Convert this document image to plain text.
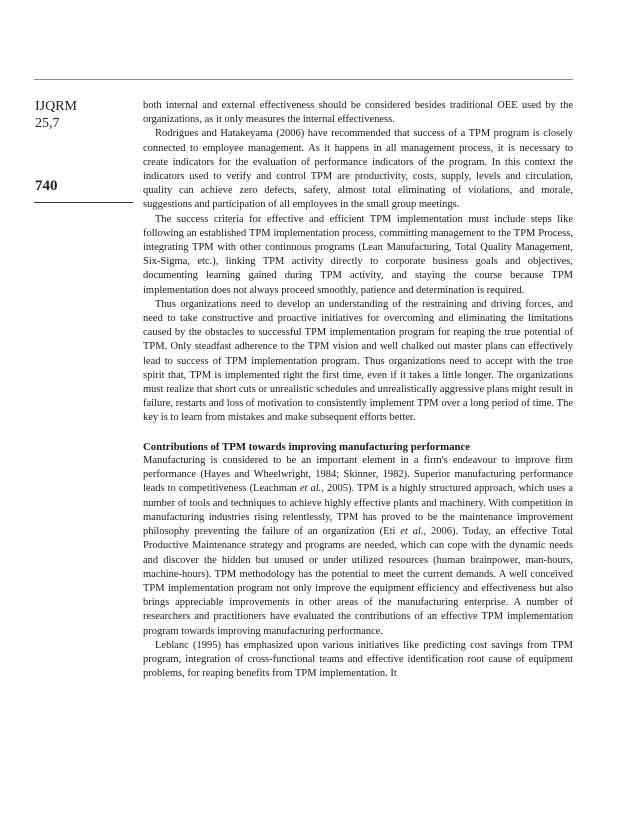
IJQRM
25,7
740

both internal and external effectiveness should be considered besides traditional OEE used by the organizations, as it only measures the internal effectiveness.

Rodrigues and Hatakeyama (2006) have recommended that success of a TPM program is closely connected to employee management. As it happens in all management process, it is necessary to create indicators for the evaluation of performance indicators of the program. In this context the indicators used to verify and control TPM are productivity, costs, supply, levels and circulation, quality can achieve zero defects, safety, almost total eliminating of violations, and morale, suggestions and participation of all employees in the small group meetings.

The success criteria for effective and efficient TPM implementation must include steps like following an established TPM implementation process, committing management to the TPM Process, integrating TPM with other continuous programs (Lean Manufacturing, Total Quality Management, Six-Sigma, etc.), linking TPM activity directly to corporate business goals and objectives, documenting learning gained during TPM activity, and staying the course because TPM implementation does not always proceed smoothly, patience and determination is required.

Thus organizations need to develop an understanding of the restraining and driving forces, and need to take constructive and proactive initiatives for overcoming and eliminating the limitations caused by the obstacles to successful TPM implementation program for reaping the true potential of TPM. Only steadfast adherence to the TPM vision and well chalked out master plans can effectively lead to success of TPM implementation program. Thus organizations need to accept with the true spirit that, TPM is implemented right the first time, even if it takes a little longer. The organizations must realize that short cuts or unrealistic schedules and unrealistically aggressive plans might result in failure, restarts and loss of motivation to consistently implement TPM over a long period of time. The key is to learn from mistakes and make subsequent efforts better.

Contributions of TPM towards improving manufacturing performance

Manufacturing is considered to be an important element in a firm's endeavour to improve firm performance (Hayes and Wheelwright, 1984; Skinner, 1982). Superior manufacturing performance leads to competitiveness (Leachman et al., 2005). TPM is a highly structured approach, which uses a number of tools and techniques to achieve highly effective plants and machinery. With competition in manufacturing industries rising relentlessly, TPM has proved to be the maintenance improvement philosophy preventing the failure of an organization (Eti et al., 2006). Today, an effective Total Productive Maintenance strategy and programs are needed, which can cope with the dynamic needs and discover the hidden but unused or under utilized resources (human brainpower, man-hours, machine-hours). TPM methodology has the potential to meet the current demands. A well conceived TPM implementation program not only improve the equipment efficiency and effectiveness but also brings appreciable improvements in other areas of the manufacturing enterprise. A number of researchers and practitioners have evaluated the contributions of an effective TPM implementation program towards improving manufacturing performance.

Leblanc (1995) has emphasized upon various initiatives like predicting cost savings from TPM program, integration of cross-functional teams and effective identification root cause of equipment problems, for reaping benefits from TPM implementation. It
